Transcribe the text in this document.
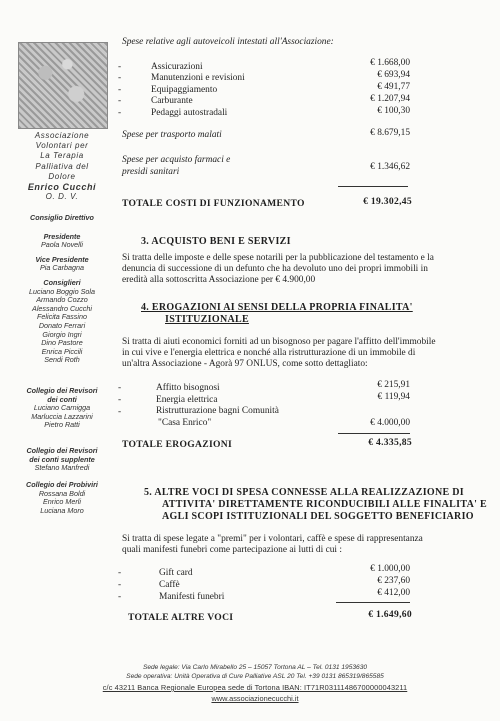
Associazione
Volontari per
La Terapia
Palliativa del
Dolore
Enrico Cucchi
O. D. V.
Consiglio Direttivo
Presidente
Paola Novelli
Vice Presidente
Pia Carbagna
Consiglieri
Luciano Boggio Sola
Armando Cozzo
Alessandro Cucchi
Felicita Fassino
Donato Ferrari
Giorgio Ingri
Dino Pastore
Enrica Piccili
Sendi Roth
Collegio dei Revisori
dei conti
Luciano Carnigga
Marluccia Lazzarini
Pietro Ratti
Collegio dei Revisori
dei conti supplente
Stefano Manfredi
Collegio dei Probiviri
Rossana Boldi
Enrico Merli
Luciana Moro
Spese relative agli autoveicoli intestati all'Associazione:
-	Assicurazioni	€ 1.668,00
-	Manutenzioni e revisioni	€ 693,94
-	Equipaggiamento	€ 491,77
-	Carburante	€ 1.207,94
-	Pedaggi autostradali	€ 100,30
Spese per trasporto malati	€ 8.679,15
Spese per acquisto farmaci e
presidi sanitari	€ 1.346,62
TOTALE COSTI DI FUNZIONAMENTO	€ 19.302,45
3. ACQUISTO BENI E SERVIZI
Si tratta delle imposte e delle spese notarili per la pubblicazione del testamento e la
denuncia di successione di un defunto che ha devoluto uno dei propri immobili in
eredità alla sottoscritta Associazione per € 4.900,00
4. EROGAZIONI AI SENSI DELLA PROPRIA FINALITA'
ISTITUZIONALE
Si tratta di aiuti economici forniti ad un bisognoso per pagare l'affitto dell'immobile
in cui vive e l'energia elettrica e nonché alla ristrutturazione di un immobile di
un'altra Associazione - Agorà 97 ONLUS, come sotto dettagliato:
-	Affitto bisognosi	€ 215,91
-	Energia elettrica	€ 119,94
-	Ristrutturazione bagni Comunità
"Casa Enrico"	€ 4.000,00
TOTALE EROGAZIONI	€ 4.335,85
5. ALTRE VOCI DI SPESA CONNESSE ALLA REALIZZAZIONE DI
ATTIVITA' DIRETTAMENTE RICONDUCIBILI ALLE FINALITA' E
AGLI SCOPI ISTITUZIONALI DEL SOGGETTO BENEFICIARIO
Si tratta di spese legate a "premi" per i volontari, caffè e spese di rappresentanza
quali manifesti funebri come partecipazione ai lutti di cui :
-	Gift card	€ 1.000,00
-	Caffè	€ 237,60
-	Manifesti funebri	€ 412,00
TOTALE ALTRE VOCI	€ 1.649,60
Sede legale: Via Carlo Mirabello 25 – 15057 Tortona AL – Tel. 0131 1953630
Sede operativa: Unità Operativa di Cure Palliative ASL 20 Tel. +39 0131 865319/865585
c/c 43211 Banca Regionale Europea sede di Tortona IBAN: IT71R03111486700000043211
www.associazionecucchi.it
